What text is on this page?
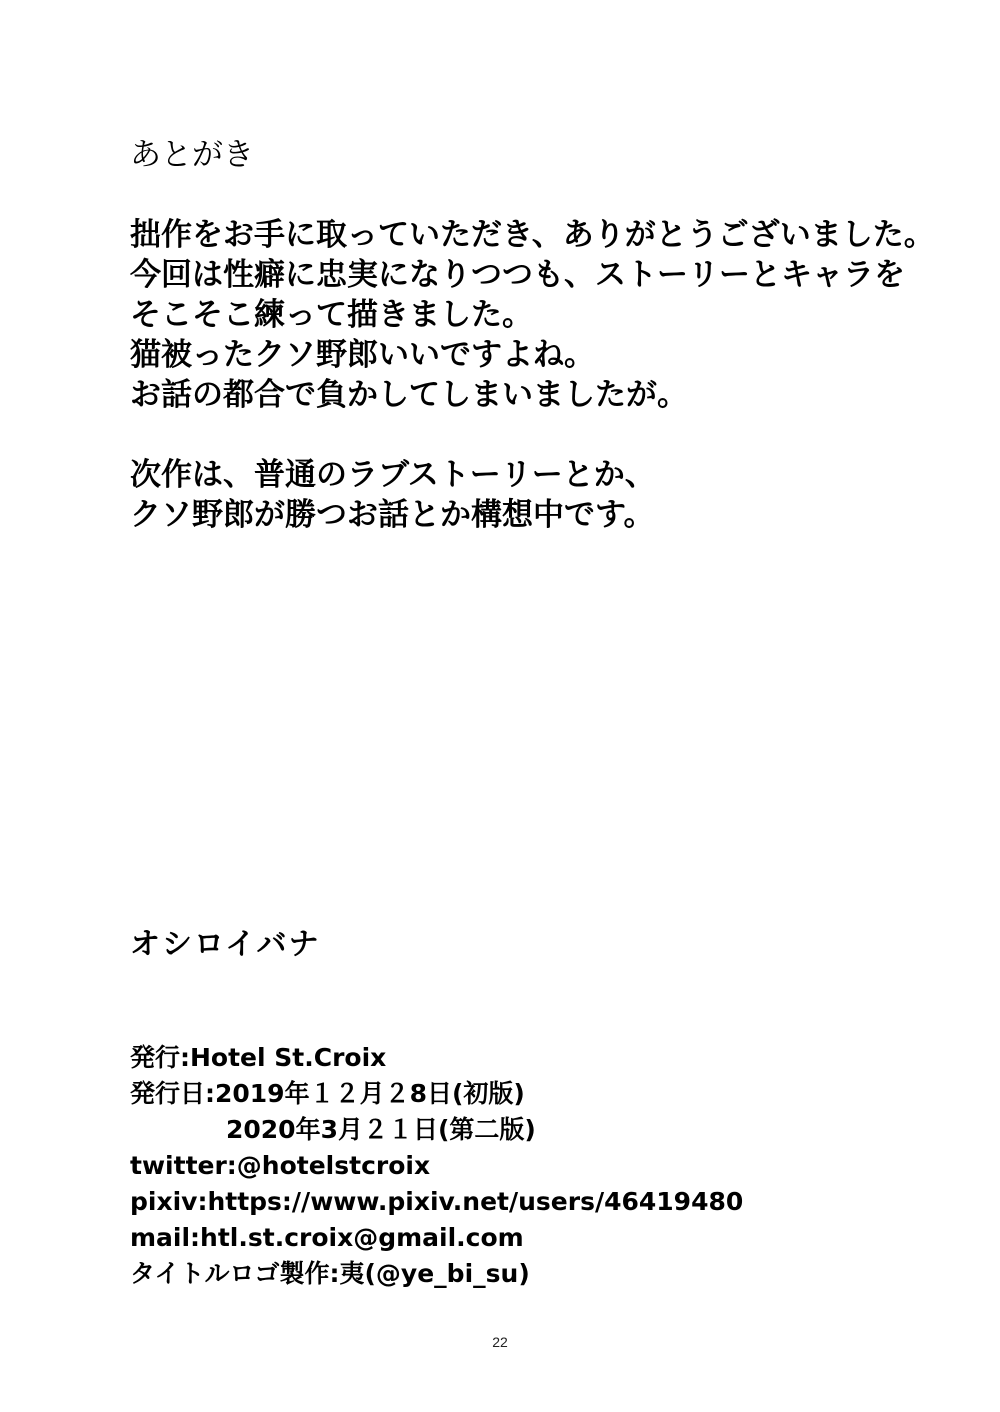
あとがき
拙作をお手に取っていただき、ありがとうございました。
今回は性癖に忠実になりつつも、ストーリーとキャラを
そこそこ練って描きました。
猫被ったクソ野郎いいですよね。
お話の都合で負かしてしまいましたが。
次作は、普通のラブストーリーとか、
クソ野郎が勝つお話とか構想中です。
オシロイバナ
発行:Hotel St.Croix
発行日:2019年１２月２8日(初版)
2020年3月２１日(第二版)
twitter:@hotelstcroix
pixiv:https://www.pixiv.net/users/46419480
mail:htl.st.croix@gmail.com
タイトルロゴ製作:夷(@ye_bi_su)
22
